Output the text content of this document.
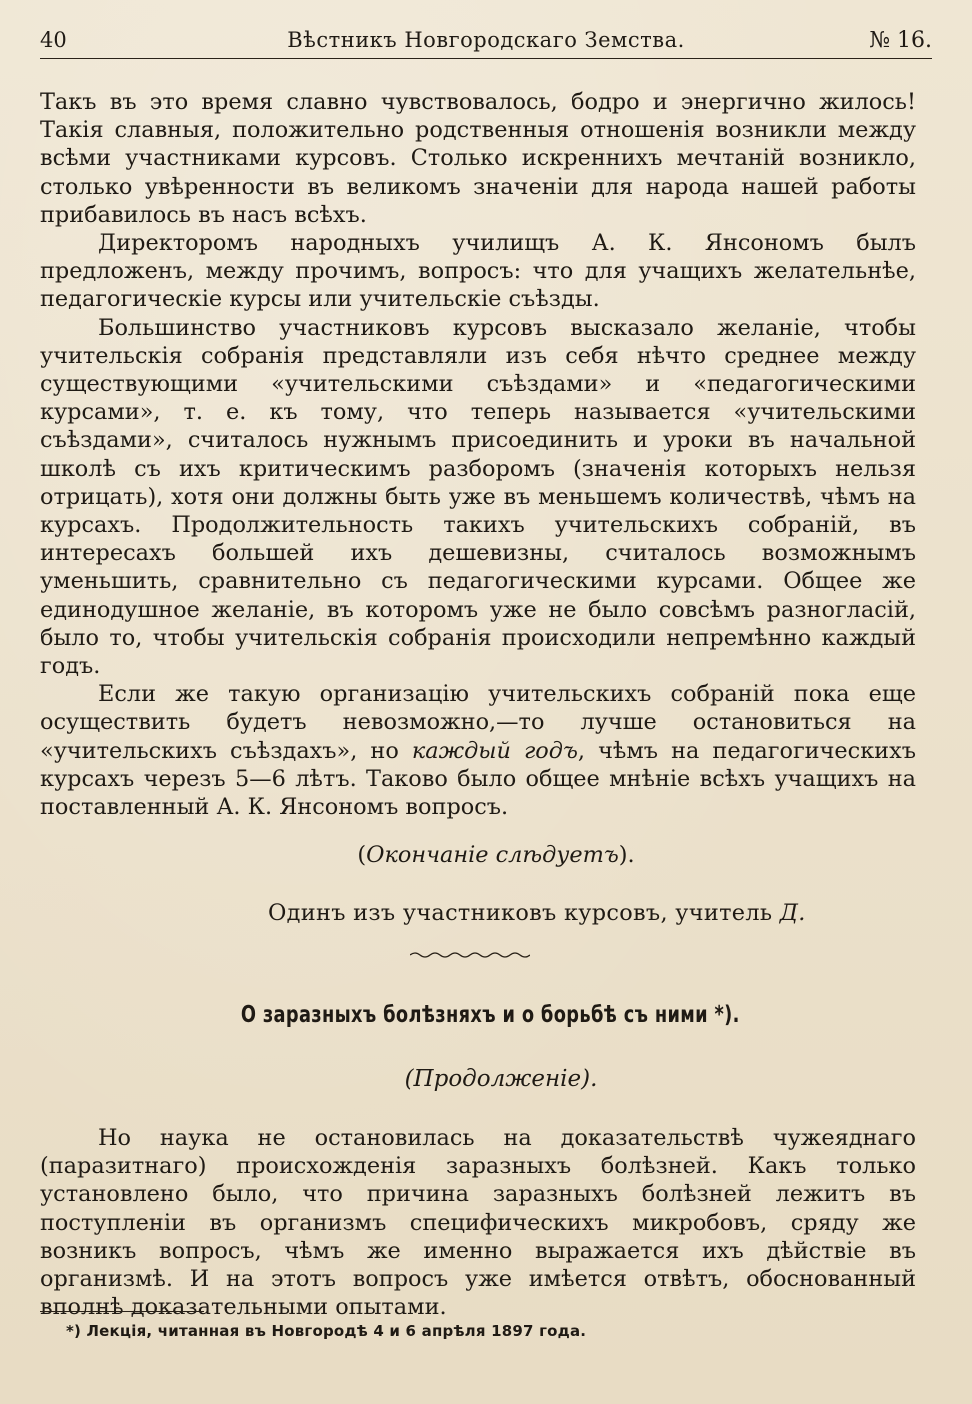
40	Вѣстникъ Новгородскаго Земства.	№ 16.

Такъ въ это время славно чувствовалось, бодро и энергично жилось! Такія славныя, положительно родственныя отношенія возникли между всѣми участниками курсовъ. Столько искреннихъ мечтаній возникло, столько увѣренности въ великомъ значеніи для народа нашей работы прибавилось въ насъ всѣхъ.

Директоромъ народныхъ училищъ А. К. Янсономъ былъ предложенъ, между прочимъ, вопросъ: что для учащихъ желательнѣе, педагогическіе курсы или учительскіе съѣзды.

Большинство участниковъ курсовъ высказало желаніе, чтобы учительскія собранія представляли изъ себя нѣчто среднее между существующими «учительскими съѣздами» и «педагогическими курсами», т. е. къ тому, что теперь называется «учительскими съѣздами», считалось нужнымъ присоединить и уроки въ начальной школѣ съ ихъ критическимъ разборомъ (значенія которыхъ нельзя отрицать), хотя они должны быть уже въ меньшемъ количествѣ, чѣмъ на курсахъ. Продолжительность такихъ учительскихъ собраній, въ интересахъ большей ихъ дешевизны, считалось возможнымъ уменьшить, сравнительно съ педагогическими курсами. Общее же единодушное желаніе, въ которомъ уже не было совсѣмъ разногласій, было то, чтобы учительскія собранія происходили непремѣнно каждый годъ.

Если же такую организацію учительскихъ собраній пока еще осуществить будетъ невозможно,—то лучше остановиться на «учительскихъ съѣздахъ», но каждый годъ, чѣмъ на педагогическихъ курсахъ черезъ 5—6 лѣтъ. Таково было общее мнѣніе всѣхъ учащихъ на поставленный А. К. Янсономъ вопросъ.

(Окончаніе слѣдуетъ).
Одинъ изъ участниковъ курсовъ, учитель Д.
О заразныхъ болѣзняхъ и о борьбѣ съ ними *).
(Продолженіе).

Но наука не остановилась на доказательствѣ чужеяднаго (паразитнаго) происхожденія заразныхъ болѣзней. Какъ только установлено было, что причина заразныхъ болѣзней лежитъ въ поступленіи въ организмъ специфическихъ микробовъ, сряду же возникъ вопросъ, чѣмъ же именно выражается ихъ дѣйствіе въ организмѣ. И на этотъ вопросъ уже имѣется отвѣтъ, обоснованный вполнѣ доказательными опытами.

*) Лекція, читанная въ Новгородѣ 4 и 6 апрѣля 1897 года.
